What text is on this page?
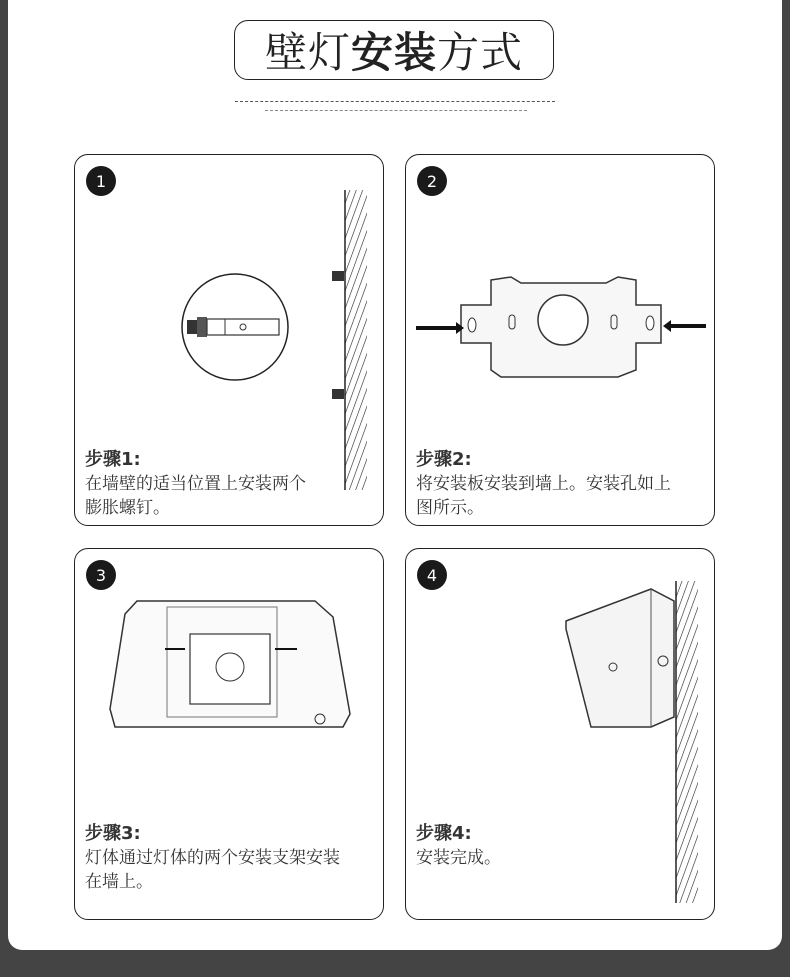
壁灯 安装 方式
1
步骤1:
在墙壁的适当位置上安装两个膨胀螺钉。
2
步骤2:
将安装板安装到墙上。安装孔如上图所示。
3
步骤3:
灯体通过灯体的两个安装支架安装在墙上。
4
步骤4:
安装完成。
